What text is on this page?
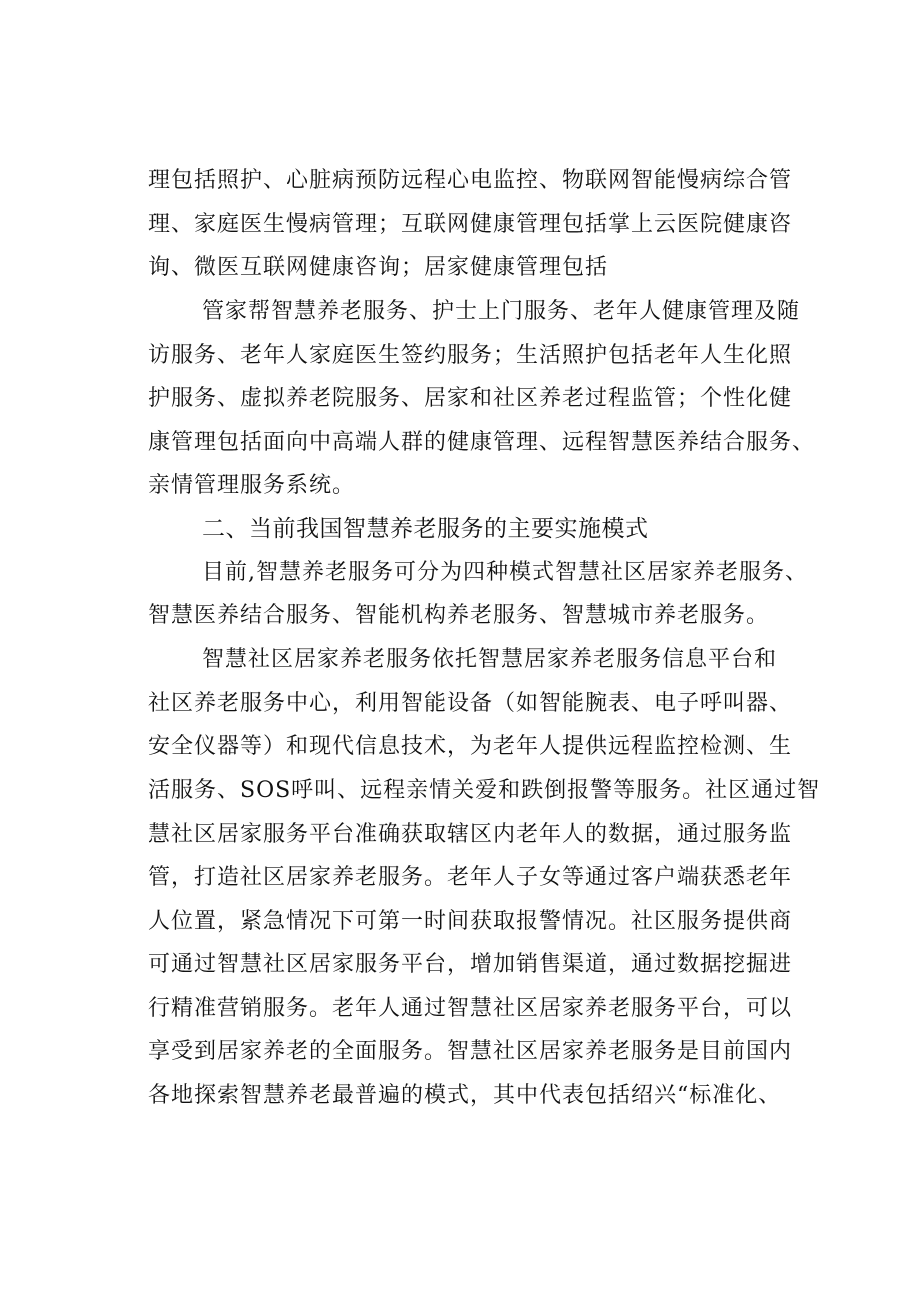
理包括照护、心脏病预防远程心电监控、物联网智能慢病综合管

理、家庭医生慢病管理；互联网健康管理包括掌上云医院健康咨

询、微医互联网健康咨询；居家健康管理包括

管家帮智慧养老服务、护士上门服务、老年人健康管理及随

访服务、老年人家庭医生签约服务；生活照护包括老年人生化照

护服务、虚拟养老院服务、居家和社区养老过程监管；个性化健

康管理包括面向中高端人群的健康管理、远程智慧医养结合服务、

亲情管理服务系统。

二、当前我国智慧养老服务的主要实施模式

目前,智慧养老服务可分为四种模式智慧社区居家养老服务、

智慧医养结合服务、智能机构养老服务、智慧城市养老服务。

智慧社区居家养老服务依托智慧居家养老服务信息平台和

社区养老服务中心，利用智能设备（如智能腕表、电子呼叫器、

安全仪器等）和现代信息技术，为老年人提供远程监控检测、生

活服务、SOS呼叫、远程亲情关爱和跌倒报警等服务。社区通过智

慧社区居家服务平台准确获取辖区内老年人的数据，通过服务监

管，打造社区居家养老服务。老年人子女等通过客户端获悉老年

人位置，紧急情况下可第一时间获取报警情况。社区服务提供商

可通过智慧社区居家服务平台，增加销售渠道，通过数据挖掘进

行精准营销服务。老年人通过智慧社区居家养老服务平台，可以

享受到居家养老的全面服务。智慧社区居家养老服务是目前国内

各地探索智慧养老最普遍的模式，其中代表包括绍兴“标准化、
